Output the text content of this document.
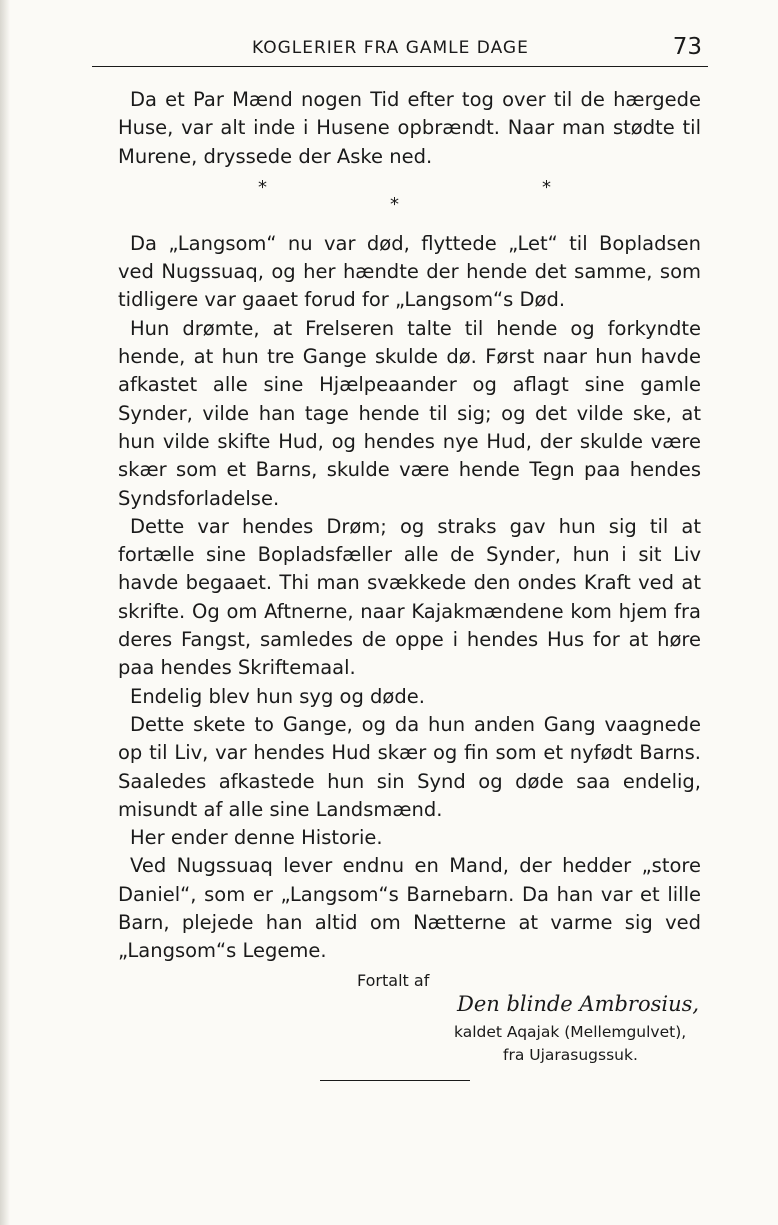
KOGLERIER FRA GAMLE DAGE	73

Da et Par Mænd nogen Tid efter tog over til de hærgede Huse, var alt inde i Husene opbrændt. Naar man stødte til Murene, dryssede der Aske ned.

*	*
*

Da „Langsom“ nu var død, flyttede „Let“ til Bopladsen ved Nugssuaq, og her hændte der hende det samme, som tidligere var gaaet forud for „Langsom“s Død.

Hun drømte, at Frelseren talte til hende og forkyndte hende, at hun tre Gange skulde dø. Først naar hun havde afkastet alle sine Hjælpeaander og aflagt sine gamle Synder, vilde han tage hende til sig; og det vilde ske, at hun vilde skifte Hud, og hendes nye Hud, der skulde være skær som et Barns, skulde være hende Tegn paa hendes Syndsforladelse.

Dette var hendes Drøm; og straks gav hun sig til at fortælle sine Bopladsfæller alle de Synder, hun i sit Liv havde begaaet. Thi man svækkede den ondes Kraft ved at skrifte. Og om Aftnerne, naar Kajakmændene kom hjem fra deres Fangst, samledes de oppe i hendes Hus for at høre paa hendes Skriftemaal.

Endelig blev hun syg og døde.

Dette skete to Gange, og da hun anden Gang vaagnede op til Liv, var hendes Hud skær og fin som et nyfødt Barns. Saaledes afkastede hun sin Synd og døde saa endelig, misundt af alle sine Landsmænd.

Her ender denne Historie.

Ved Nugssuaq lever endnu en Mand, der hedder „store Daniel“, som er „Langsom“s Barnebarn. Da han var et lille Barn, plejede han altid om Nætterne at varme sig ved „Langsom“s Legeme.

Fortalt af
Den blinde Ambrosius,
kaldet Aqajak (Mellemgulvet),
fra Ujarasugssuk.
